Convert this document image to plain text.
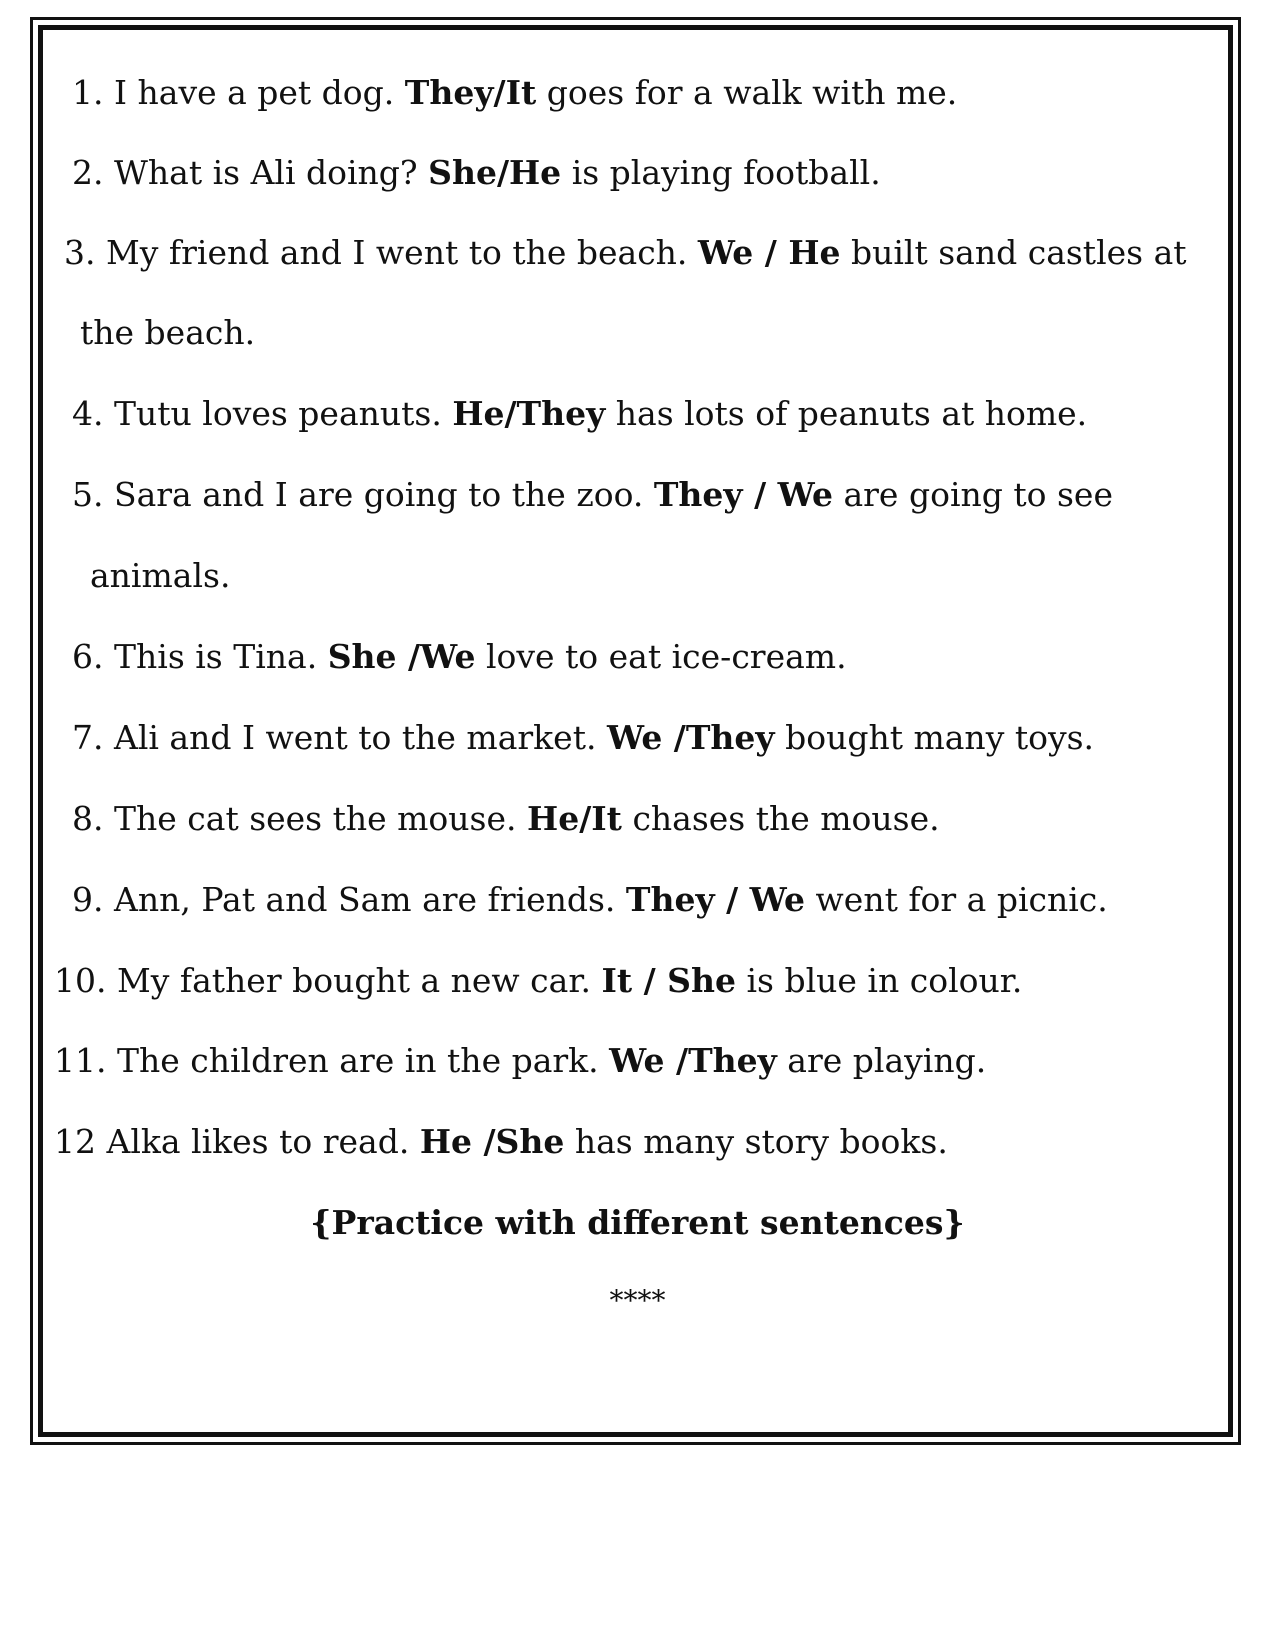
1. I have a pet dog. They/It goes for a walk with me.
2. What is Ali doing? She/He is playing football.
3. My friend and I went to the beach. We / He built sand castles at
the beach.
4. Tutu loves peanuts. He/They has lots of peanuts at home.
5. Sara and I are going to the zoo. They / We are going to see
animals.
6. This is Tina. She /We love to eat ice-cream.
7. Ali and I went to the market. We /They bought many toys.
8. The cat sees the mouse. He/It chases the mouse.
9. Ann, Pat and Sam are friends. They / We went for a picnic.
10. My father bought a new car. It / She is blue in colour.
11. The children are in the park. We /They are playing.
12 Alka likes to read. He /She has many story books.
{Practice with different sentences}
****
